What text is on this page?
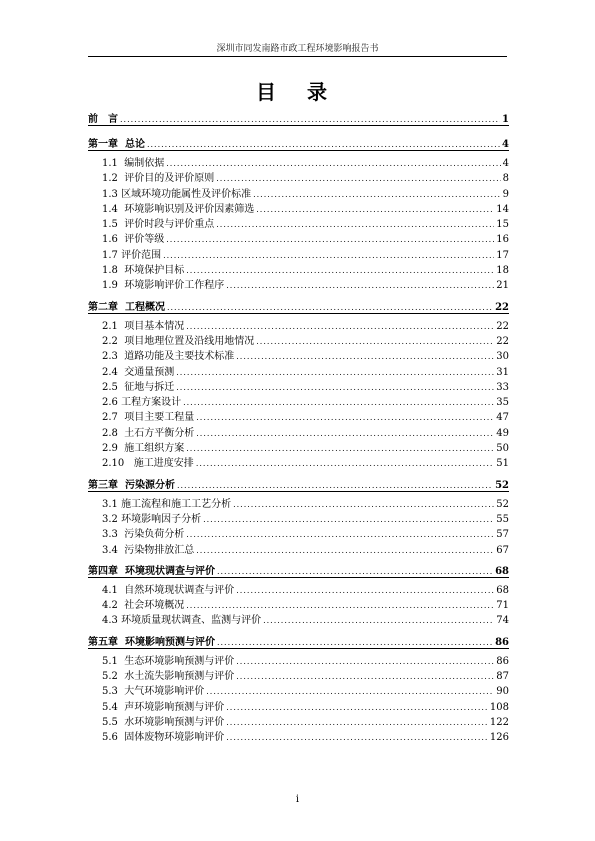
深圳市同发南路市政工程环境影响报告书
目 录
前　言 .....	1
第一章 总论 .....	4
1.1 编制依据 .....	4
1.2 评价目的及评价原则 .....	8
1.3 区域环境功能属性及评价标准 .....	9
1.4 环境影响识别及评价因素筛选 .....	14
1.5 评价时段与评价重点 .....	15
1.6 评价等级 .....	16
1.7 评价范围 .....	17
1.8 环境保护目标 .....	18
1.9 环境影响评价工作程序 .....	21
第二章 工程概况 .....	22
2.1 项目基本情况 .....	22
2.2 项目地理位置及沿线用地情况 .....	22
2.3 道路功能及主要技术标准 .....	30
2.4 交通量预测 .....	31
2.5 征地与拆迁 .....	33
2.6 工程方案设计 .....	35
2.7 项目主要工程量 .....	47
2.8 土石方平衡分析 .....	49
2.9 施工组织方案 .....	50
2.10 施工进度安排 .....	51
第三章 污染源分析 .....	52
3.1 施工流程和施工工艺分析 .....	52
3.2 环境影响因子分析 .....	55
3.3 污染负荷分析 .....	57
3.4 污染物排放汇总 .....	67
第四章 环境现状调查与评价 .....	68
4.1 自然环境现状调查与评价 .....	68
4.2 社会环境概况 .....	71
4.3 环境质量现状调查、监测与评价 .....	74
第五章 环境影响预测与评价 .....	86
5.1 生态环境影响预测与评价 .....	86
5.2 水土流失影响预测与评价 .....	87
5.3 大气环境影响评价 .....	90
5.4 声环境影响预测与评价 .....	108
5.5 水环境影响预测与评价 .....	122
5.6 固体废物环境影响评价 .....	126
i
